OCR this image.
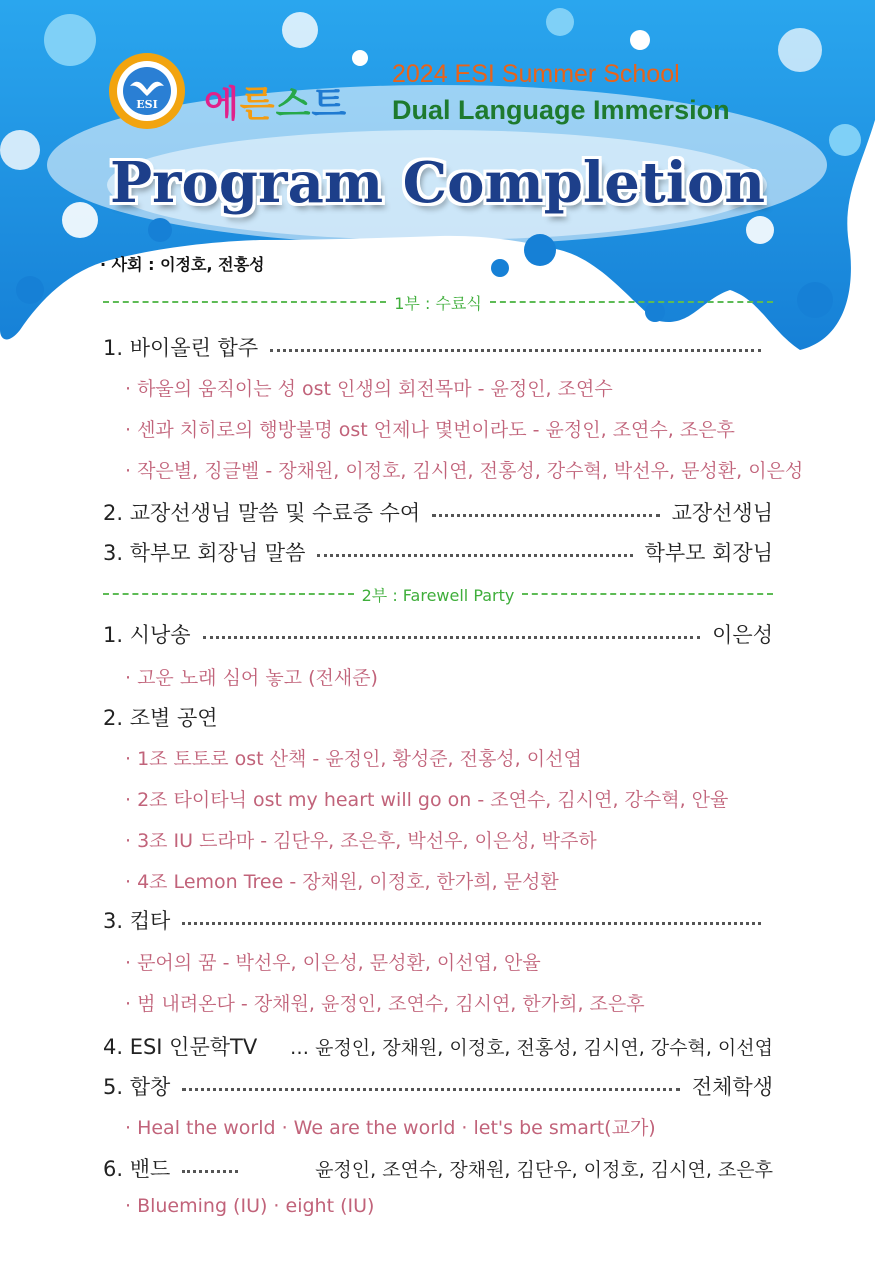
ESI 에른스트
2024 ESI Summer School
Dual Language Immersion
Program Completion
· 사회 : 이정호, 전홍성
1부 : 수료식
1. 바이올린 합주
· 하울의 움직이는 성 ost 인생의 회전목마 - 윤정인, 조연수
· 센과 치히로의 행방불명 ost 언제나 몇번이라도 - 윤정인, 조연수, 조은후
· 작은별, 징글벨 - 장채원, 이정호, 김시연, 전홍성, 강수혁, 박선우, 문성환, 이은성
2. 교장선생님 말씀 및 수료증 수여	교장선생님
3. 학부모 회장님 말씀	학부모 회장님
2부 : Farewell Party
1. 시낭송	이은성
· 고운 노래 심어 놓고 (전새준)
2. 조별 공연
· 1조 토토로 ost 산책 - 윤정인, 황성준, 전홍성, 이선엽
· 2조 타이타닉 ost my heart will go on - 조연수, 김시연, 강수혁, 안율
· 3조 IU 드라마 - 김단우, 조은후, 박선우, 이은성, 박주하
· 4조 Lemon Tree - 장채원, 이정호, 한가희, 문성환
3. 컵타
· 문어의 꿈 - 박선우, 이은성, 문성환, 이선엽, 안율
· 범 내려온다 - 장채원, 윤정인, 조연수, 김시연, 한가희, 조은후
4. ESI 인문학TV … 윤정인, 장채원, 이정호, 전홍성, 김시연, 강수혁, 이선엽
5. 합창	전체학생
· Heal the world · We are the world · let's be smart(교가)
6. 밴드	윤정인, 조연수, 장채원, 김단우, 이정호, 김시연, 조은후
· Blueming (IU) · eight (IU)
